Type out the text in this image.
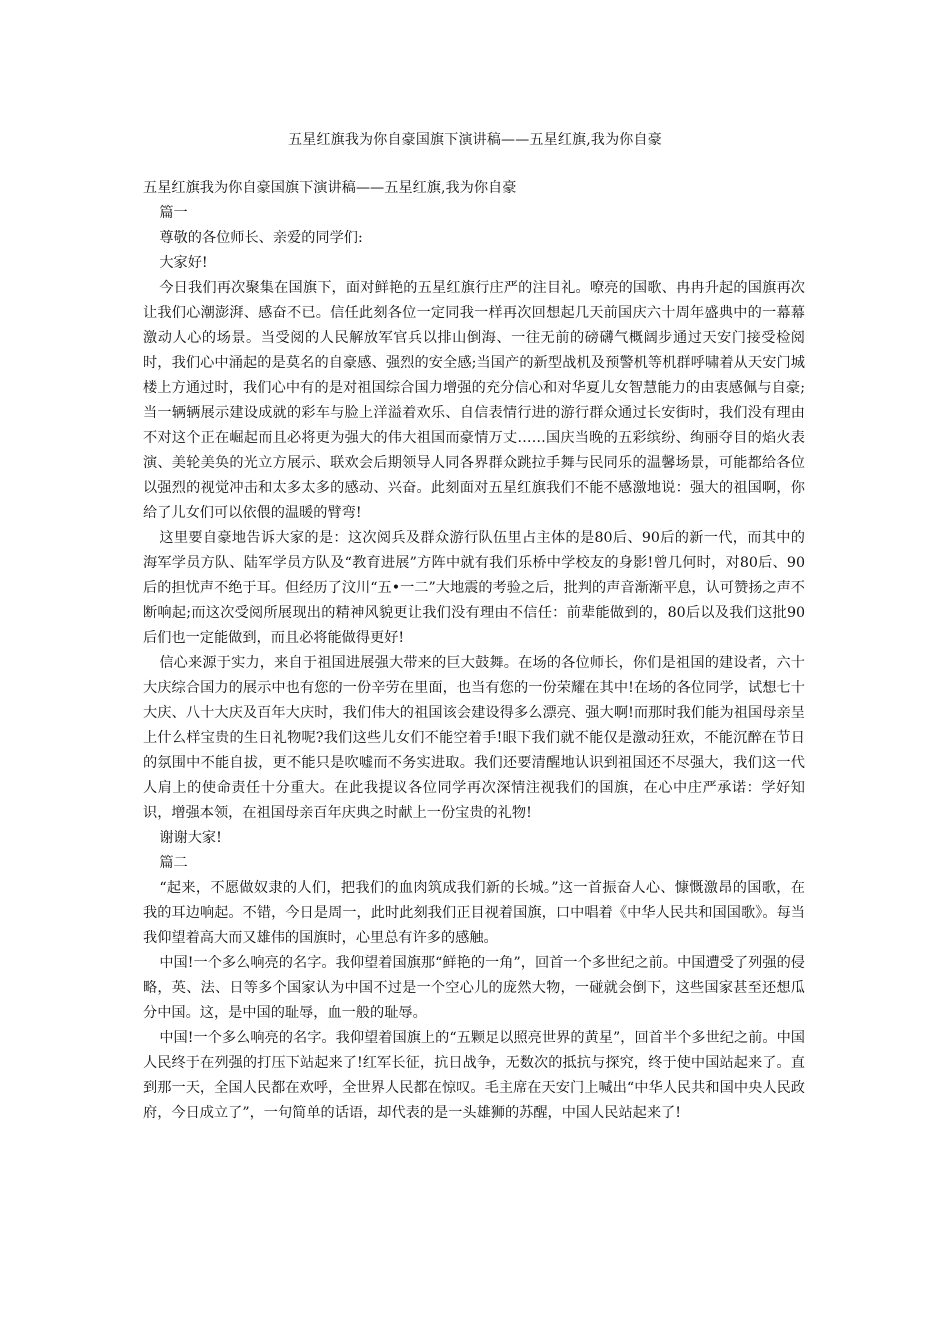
五星红旗我为你自豪国旗下演讲稿——五星红旗,我为你自豪

五星红旗我为你自豪国旗下演讲稿——五星红旗,我为你自豪

篇一

尊敬的各位师长、亲爱的同学们:

大家好!

今日我们再次聚集在国旗下，面对鲜艳的五星红旗行庄严的注目礼。嘹亮的国歌、冉冉升起的国旗再次让我们心潮澎湃、感奋不已。信任此刻各位一定同我一样再次回想起几天前国庆六十周年盛典中的一幕幕激动人心的场景。当受阅的人民解放军官兵以排山倒海、一往无前的磅礴气概阔步通过天安门接受检阅时，我们心中涌起的是莫名的自豪感、强烈的安全感;当国产的新型战机及预警机等机群呼啸着从天安门城楼上方通过时，我们心中有的是对祖国综合国力增强的充分信心和对华夏儿女智慧能力的由衷感佩与自豪;当一辆辆展示建设成就的彩车与脸上洋溢着欢乐、自信表情行进的游行群众通过长安街时，我们没有理由不对这个正在崛起而且必将更为强大的伟大祖国而豪情万丈……国庆当晚的五彩缤纷、绚丽夺目的焰火表演、美轮美奂的光立方展示、联欢会后期领导人同各界群众跳拉手舞与民同乐的温馨场景，可能都给各位以强烈的视觉冲击和太多太多的感动、兴奋。此刻面对五星红旗我们不能不感激地说：强大的祖国啊，你给了儿女们可以依偎的温暖的臂弯!

这里要自豪地告诉大家的是：这次阅兵及群众游行队伍里占主体的是80后、90后的新一代，而其中的海军学员方队、陆军学员方队及“教育进展”方阵中就有我们乐桥中学校友的身影!曾几何时，对80后、90后的担忧声不绝于耳。但经历了汶川“五•一二”大地震的考验之后，批判的声音渐渐平息，认可赞扬之声不断响起;而这次受阅所展现出的精神风貌更让我们没有理由不信任：前辈能做到的，80后以及我们这批90后们也一定能做到，而且必将能做得更好!

信心来源于实力，来自于祖国进展强大带来的巨大鼓舞。在场的各位师长，你们是祖国的建设者，六十大庆综合国力的展示中也有您的一份辛劳在里面，也当有您的一份荣耀在其中!在场的各位同学，试想七十大庆、八十大庆及百年大庆时，我们伟大的祖国该会建设得多么漂亮、强大啊!而那时我们能为祖国母亲呈上什么样宝贵的生日礼物呢?我们这些儿女们不能空着手!眼下我们就不能仅是激动狂欢，不能沉醉在节日的氛围中不能自拔，更不能只是吹嘘而不务实进取。我们还要清醒地认识到祖国还不尽强大，我们这一代人肩上的使命责任十分重大。在此我提议各位同学再次深情注视我们的国旗，在心中庄严承诺：学好知识，增强本领，在祖国母亲百年庆典之时献上一份宝贵的礼物!

谢谢大家!

篇二

“起来，不愿做奴隶的人们，把我们的血肉筑成我们新的长城。”这一首振奋人心、慷慨激昂的国歌，在我的耳边响起。不错，今日是周一，此时此刻我们正目视着国旗，口中唱着《中华人民共和国国歌》。每当我仰望着高大而又雄伟的国旗时，心里总有许多的感触。

中国!一个多么响亮的名字。我仰望着国旗那“鲜艳的一角”，回首一个多世纪之前。中国遭受了列强的侵略，英、法、日等多个国家认为中国不过是一个空心儿的庞然大物，一碰就会倒下，这些国家甚至还想瓜分中国。这，是中国的耻辱，血一般的耻辱。

中国!一个多么响亮的名字。我仰望着国旗上的“五颗足以照亮世界的黄星”，回首半个多世纪之前。中国人民终于在列强的打压下站起来了!红军长征，抗日战争，无数次的抵抗与探究，终于使中国站起来了。直到那一天，全国人民都在欢呼，全世界人民都在惊叹。毛主席在天安门上喊出“中华人民共和国中央人民政府，今日成立了”，一句简单的话语，却代表的是一头雄狮的苏醒，中国人民站起来了!
